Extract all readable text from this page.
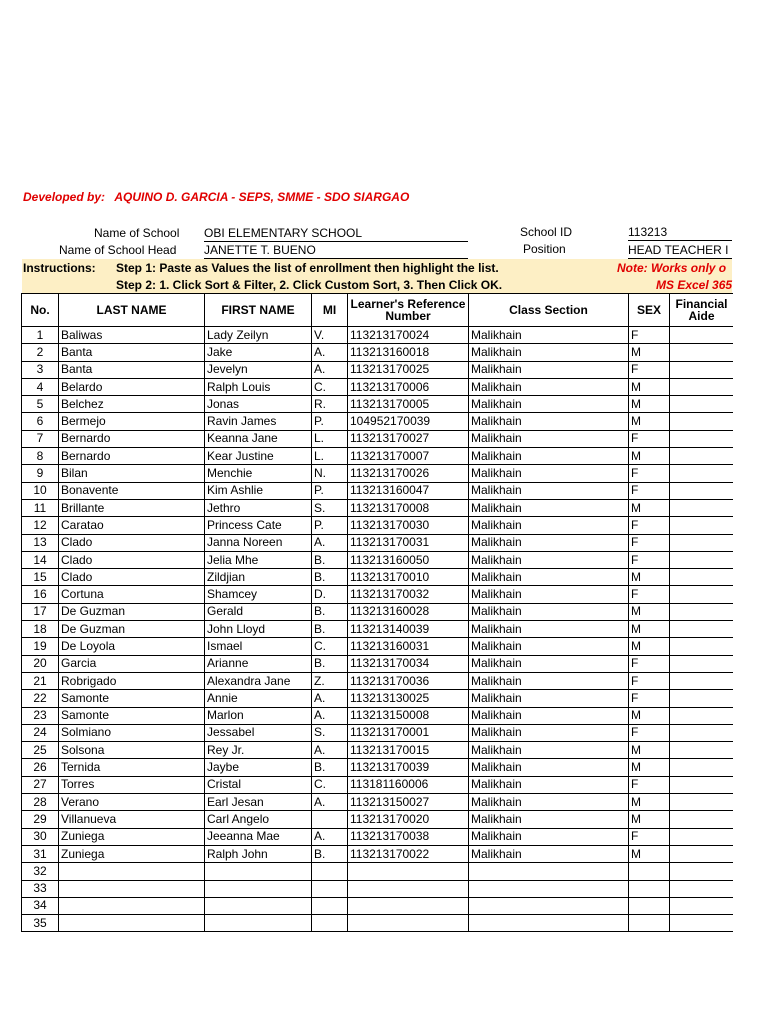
Developed by: AQUINO D. GARCIA - SEPS, SMME - SDO SIARGAO
Name of School OBI ELEMENTARY SCHOOL
Name of School Head JANETTE T. BUENO
School ID	113213
Position	HEAD TEACHER I
Instructions: Step 1: Paste as Values the list of enrollment then highlight the list.
Step 2: 1. Click Sort & Filter, 2. Click Custom Sort, 3. Then Click OK.
Note: Works only o
MS Excel 365
No.	LAST NAME	FIRST NAME	MI	Learner's Reference Number	Class Section	SEX	Financial Aide
1	Baliwas	Lady Zeilyn	V.	113213170024	Malikhain	F	
2	Banta	Jake	A.	113213160018	Malikhain	M	
3	Banta	Jevelyn	A.	113213170025	Malikhain	F	
4	Belardo	Ralph Louis	C.	113213170006	Malikhain	M	
5	Belchez	Jonas	R.	113213170005	Malikhain	M	
6	Bermejo	Ravin James	P.	104952170039	Malikhain	M	
7	Bernardo	Keanna Jane	L.	113213170027	Malikhain	F	
8	Bernardo	Kear Justine	L.	113213170007	Malikhain	M	
9	Bilan	Menchie	N.	113213170026	Malikhain	F	
10	Bonavente	Kim Ashlie	P.	113213160047	Malikhain	F	
11	Brillante	Jethro	S.	113213170008	Malikhain	M	
12	Caratao	Princess Cate	P.	113213170030	Malikhain	F	
13	Clado	Janna Noreen	A.	113213170031	Malikhain	F	
14	Clado	Jelia Mhe	B.	113213160050	Malikhain	F	
15	Clado	Zildjian	B.	113213170010	Malikhain	M	
16	Cortuna	Shamcey	D.	113213170032	Malikhain	F	
17	De Guzman	Gerald	B.	113213160028	Malikhain	M	
18	De Guzman	John Lloyd	B.	113213140039	Malikhain	M	
19	De Loyola	Ismael	C.	113213160031	Malikhain	M	
20	Garcia	Arianne	B.	113213170034	Malikhain	F	
21	Robrigado	Alexandra Jane	Z.	113213170036	Malikhain	F	
22	Samonte	Annie	A.	113213130025	Malikhain	F	
23	Samonte	Marlon	A.	113213150008	Malikhain	M	
24	Solmiano	Jessabel	S.	113213170001	Malikhain	F	
25	Solsona	Rey Jr.	A.	113213170015	Malikhain	M	
26	Ternida	Jaybe	B.	113213170039	Malikhain	M	
27	Torres	Cristal	C.	113181160006	Malikhain	F	
28	Verano	Earl Jesan	A.	113213150027	Malikhain	M	
29	Villanueva	Carl Angelo		113213170020	Malikhain	M	
30	Zuniega	Jeeanna Mae	A.	113213170038	Malikhain	F	
31	Zuniega	Ralph John	B.	113213170022	Malikhain	M	
32							
33							
34							
35							
